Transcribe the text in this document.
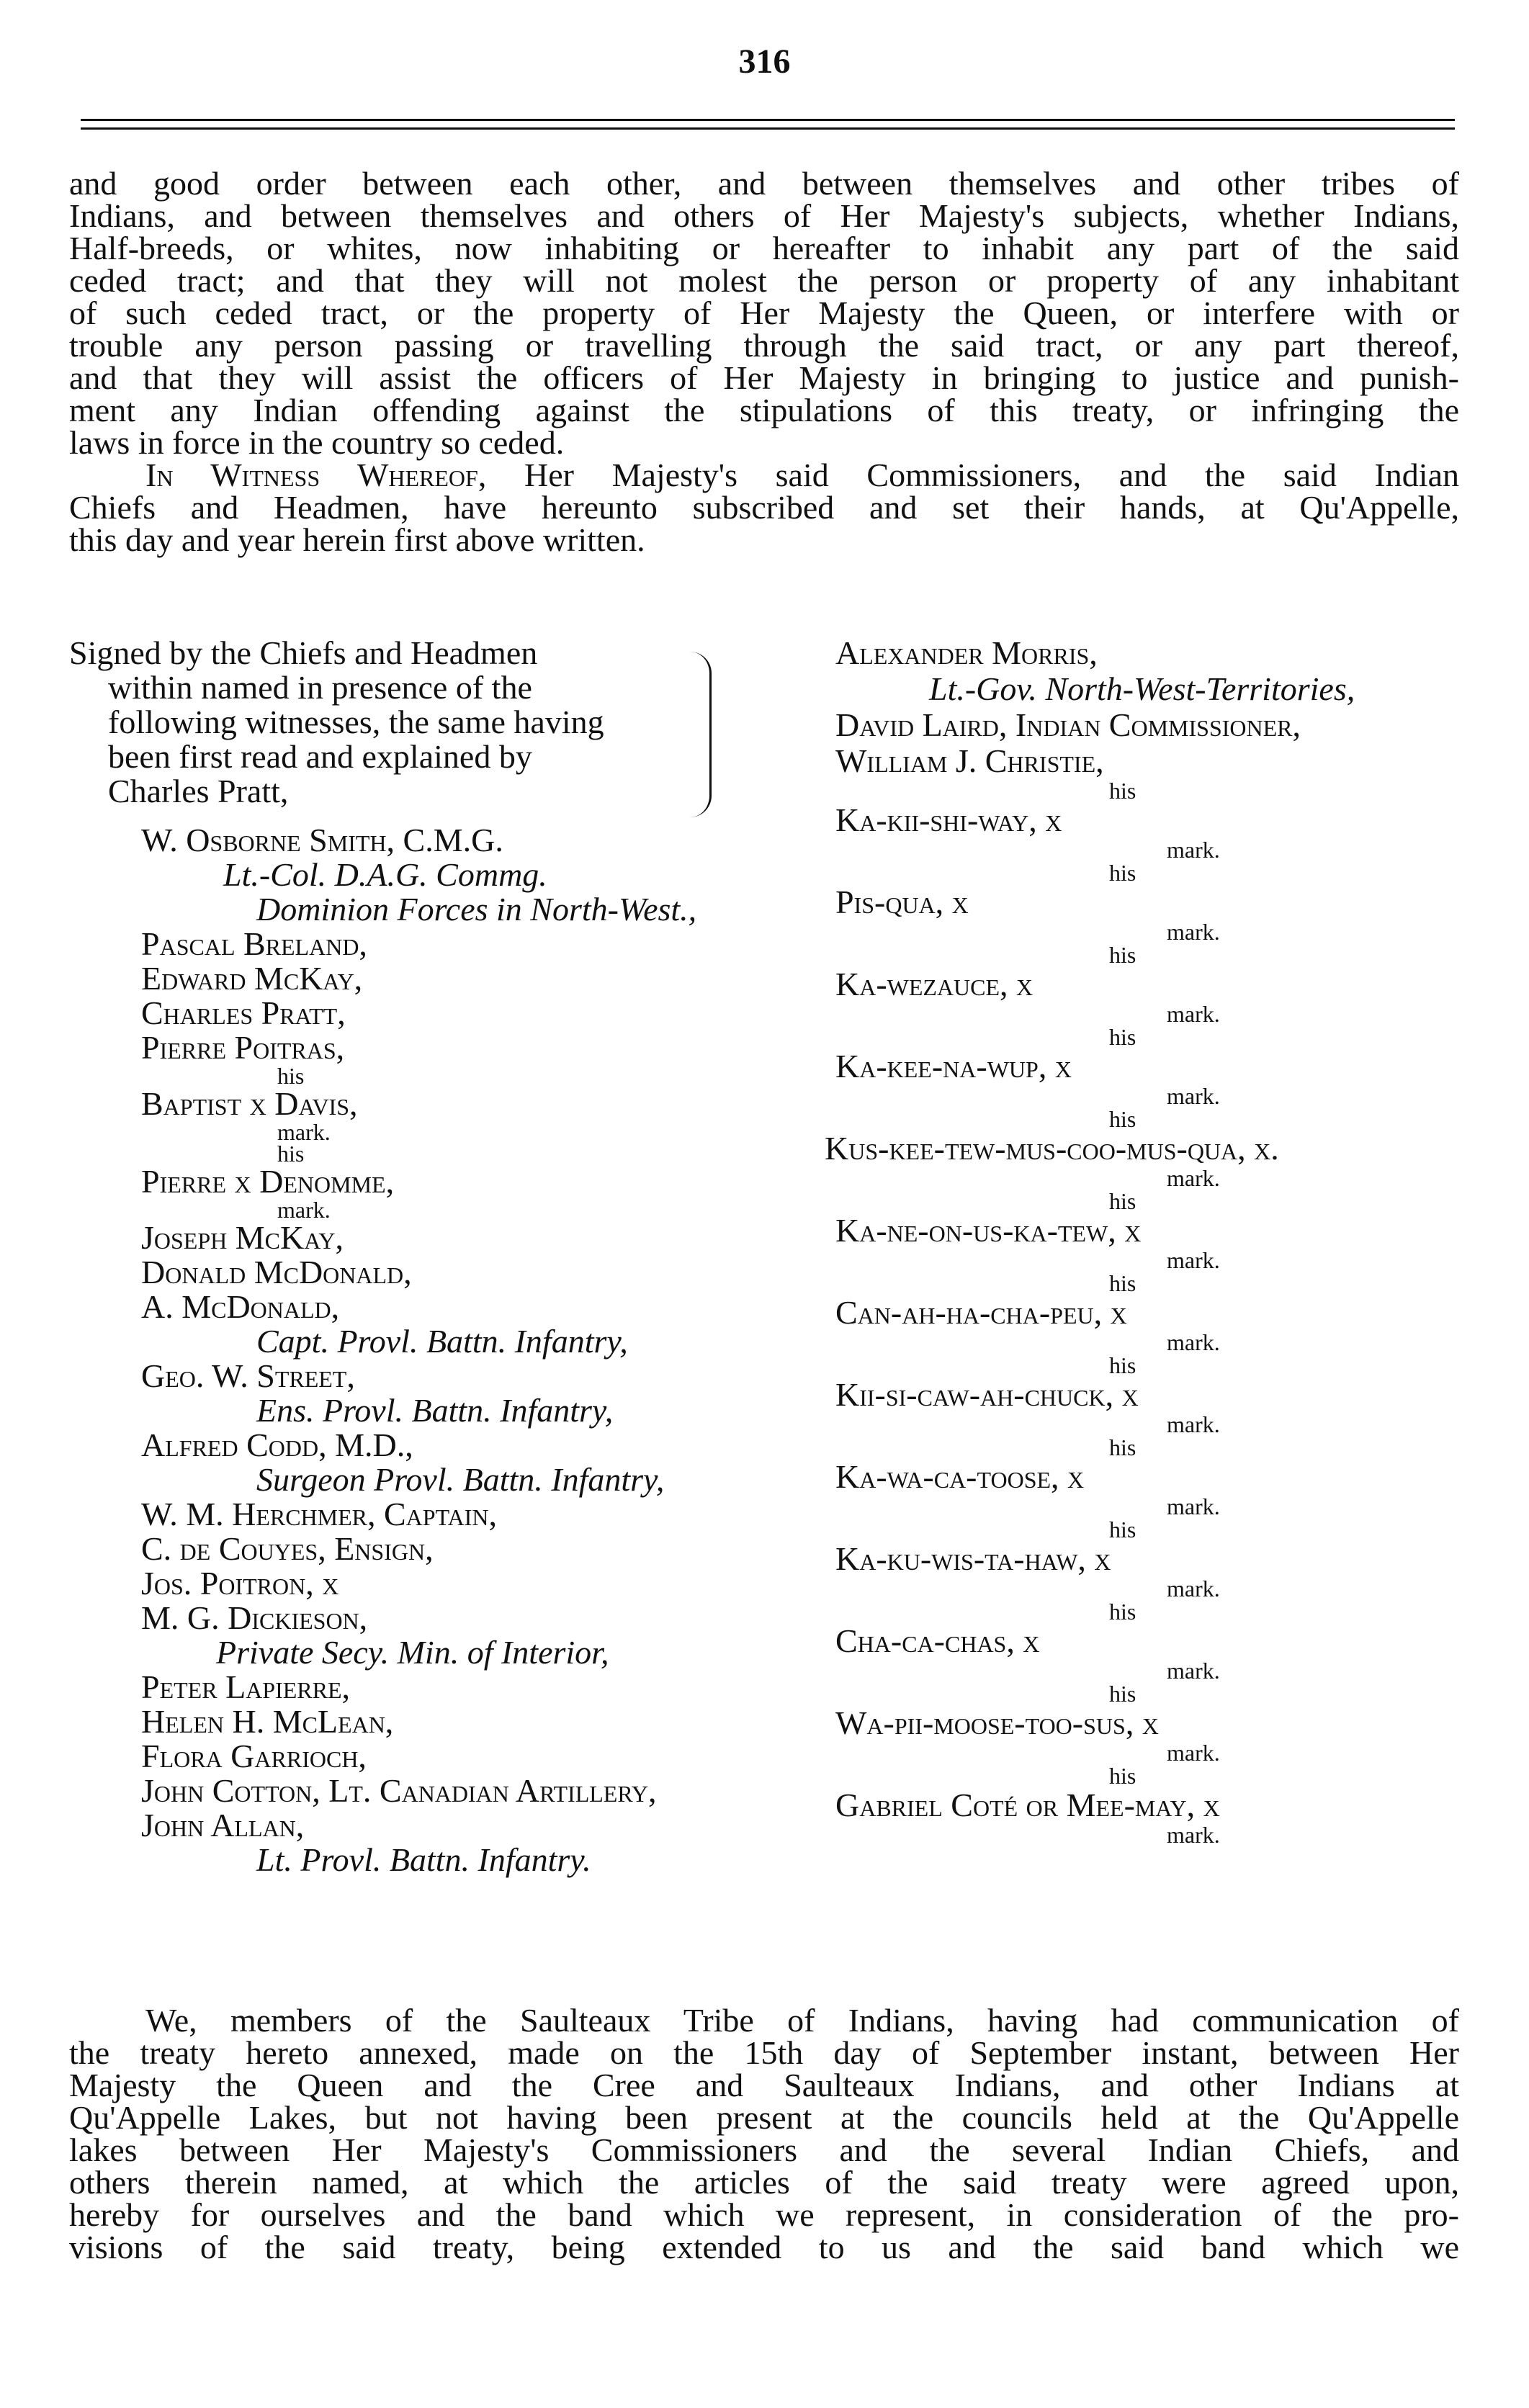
316
and good order between each other, and between themselves and other tribes of
Indians, and between themselves and others of Her Majesty's subjects, whether Indians,
Half-breeds, or whites, now inhabiting or hereafter to inhabit any part of the said
ceded tract; and that they will not molest the person or property of any inhabitant
of such ceded tract, or the property of Her Majesty the Queen, or interfere with or
trouble any person passing or travelling through the said tract, or any part thereof,
and that they will assist the officers of Her Majesty in bringing to justice and punish-
ment any Indian offending against the stipulations of this treaty, or infringing the
laws in force in the country so ceded.
In Witness Whereof, Her Majesty's said Commissioners, and the said Indian
Chiefs and Headmen, have hereunto subscribed and set their hands, at Qu'Appelle,
this day and year herein first above written.
Signed by the Chiefs and Headmen
within named in presence of the
following witnesses, the same having
been first read and explained by
Charles Pratt,
W. Osborne Smith, C.M.G.
Lt.-Col. D.A.G. Commg.
Dominion Forces in North-West.,
Pascal Breland,
Edward McKay,
Charles Pratt,
Pierre Poitras,
his
Baptist x Davis,
mark.
his
Pierre x Denomme,
mark.
Joseph McKay,
Donald McDonald,
A. McDonald,
Capt. Provl. Battn. Infantry,
Geo. W. Street,
Ens. Provl. Battn. Infantry,
Alfred Codd, M.D.,
Surgeon Provl. Battn. Infantry,
W. M. Herchmer, Captain,
C. de Couyes, Ensign,
Jos. Poitron, x
M. G. Dickieson,
Private Secy. Min. of Interior,
Peter Lapierre,
Helen H. McLean,
Flora Garrioch,
John Cotton, Lt. Canadian Artillery,
John Allan,
Lt. Provl. Battn. Infantry.
Alexander Morris,
Lt.-Gov. North-West-Territories,
David Laird, Indian Commissioner,
William J. Christie,
his
Ka-kii-shi-way, x
mark.
his
Pis-qua, x
mark.
his
Ka-wezauce, x
mark.
his
Ka-kee-na-wup, x
mark.
his
Kus-kee-tew-mus-coo-mus-qua, x.
mark.
his
Ka-ne-on-us-ka-tew, x
mark.
his
Can-ah-ha-cha-peu, x
mark.
his
Kii-si-caw-ah-chuck, x
mark.
his
Ka-wa-ca-toose, x
mark.
his
Ka-ku-wis-ta-haw, x
mark.
his
Cha-ca-chas, x
mark.
his
Wa-pii-moose-too-sus, x
mark.
his
Gabriel Coté or Mee-may, x
mark.
We, members of the Saulteaux Tribe of Indians, having had communication of
the treaty hereto annexed, made on the 15th day of September instant, between Her
Majesty the Queen and the Cree and Saulteaux Indians, and other Indians at
Qu'Appelle Lakes, but not having been present at the councils held at the Qu'Appelle
lakes between Her Majesty's Commissioners and the several Indian Chiefs, and
others therein named, at which the articles of the said treaty were agreed upon,
hereby for ourselves and the band which we represent, in consideration of the pro-
visions of the said treaty, being extended to us and the said band which we
